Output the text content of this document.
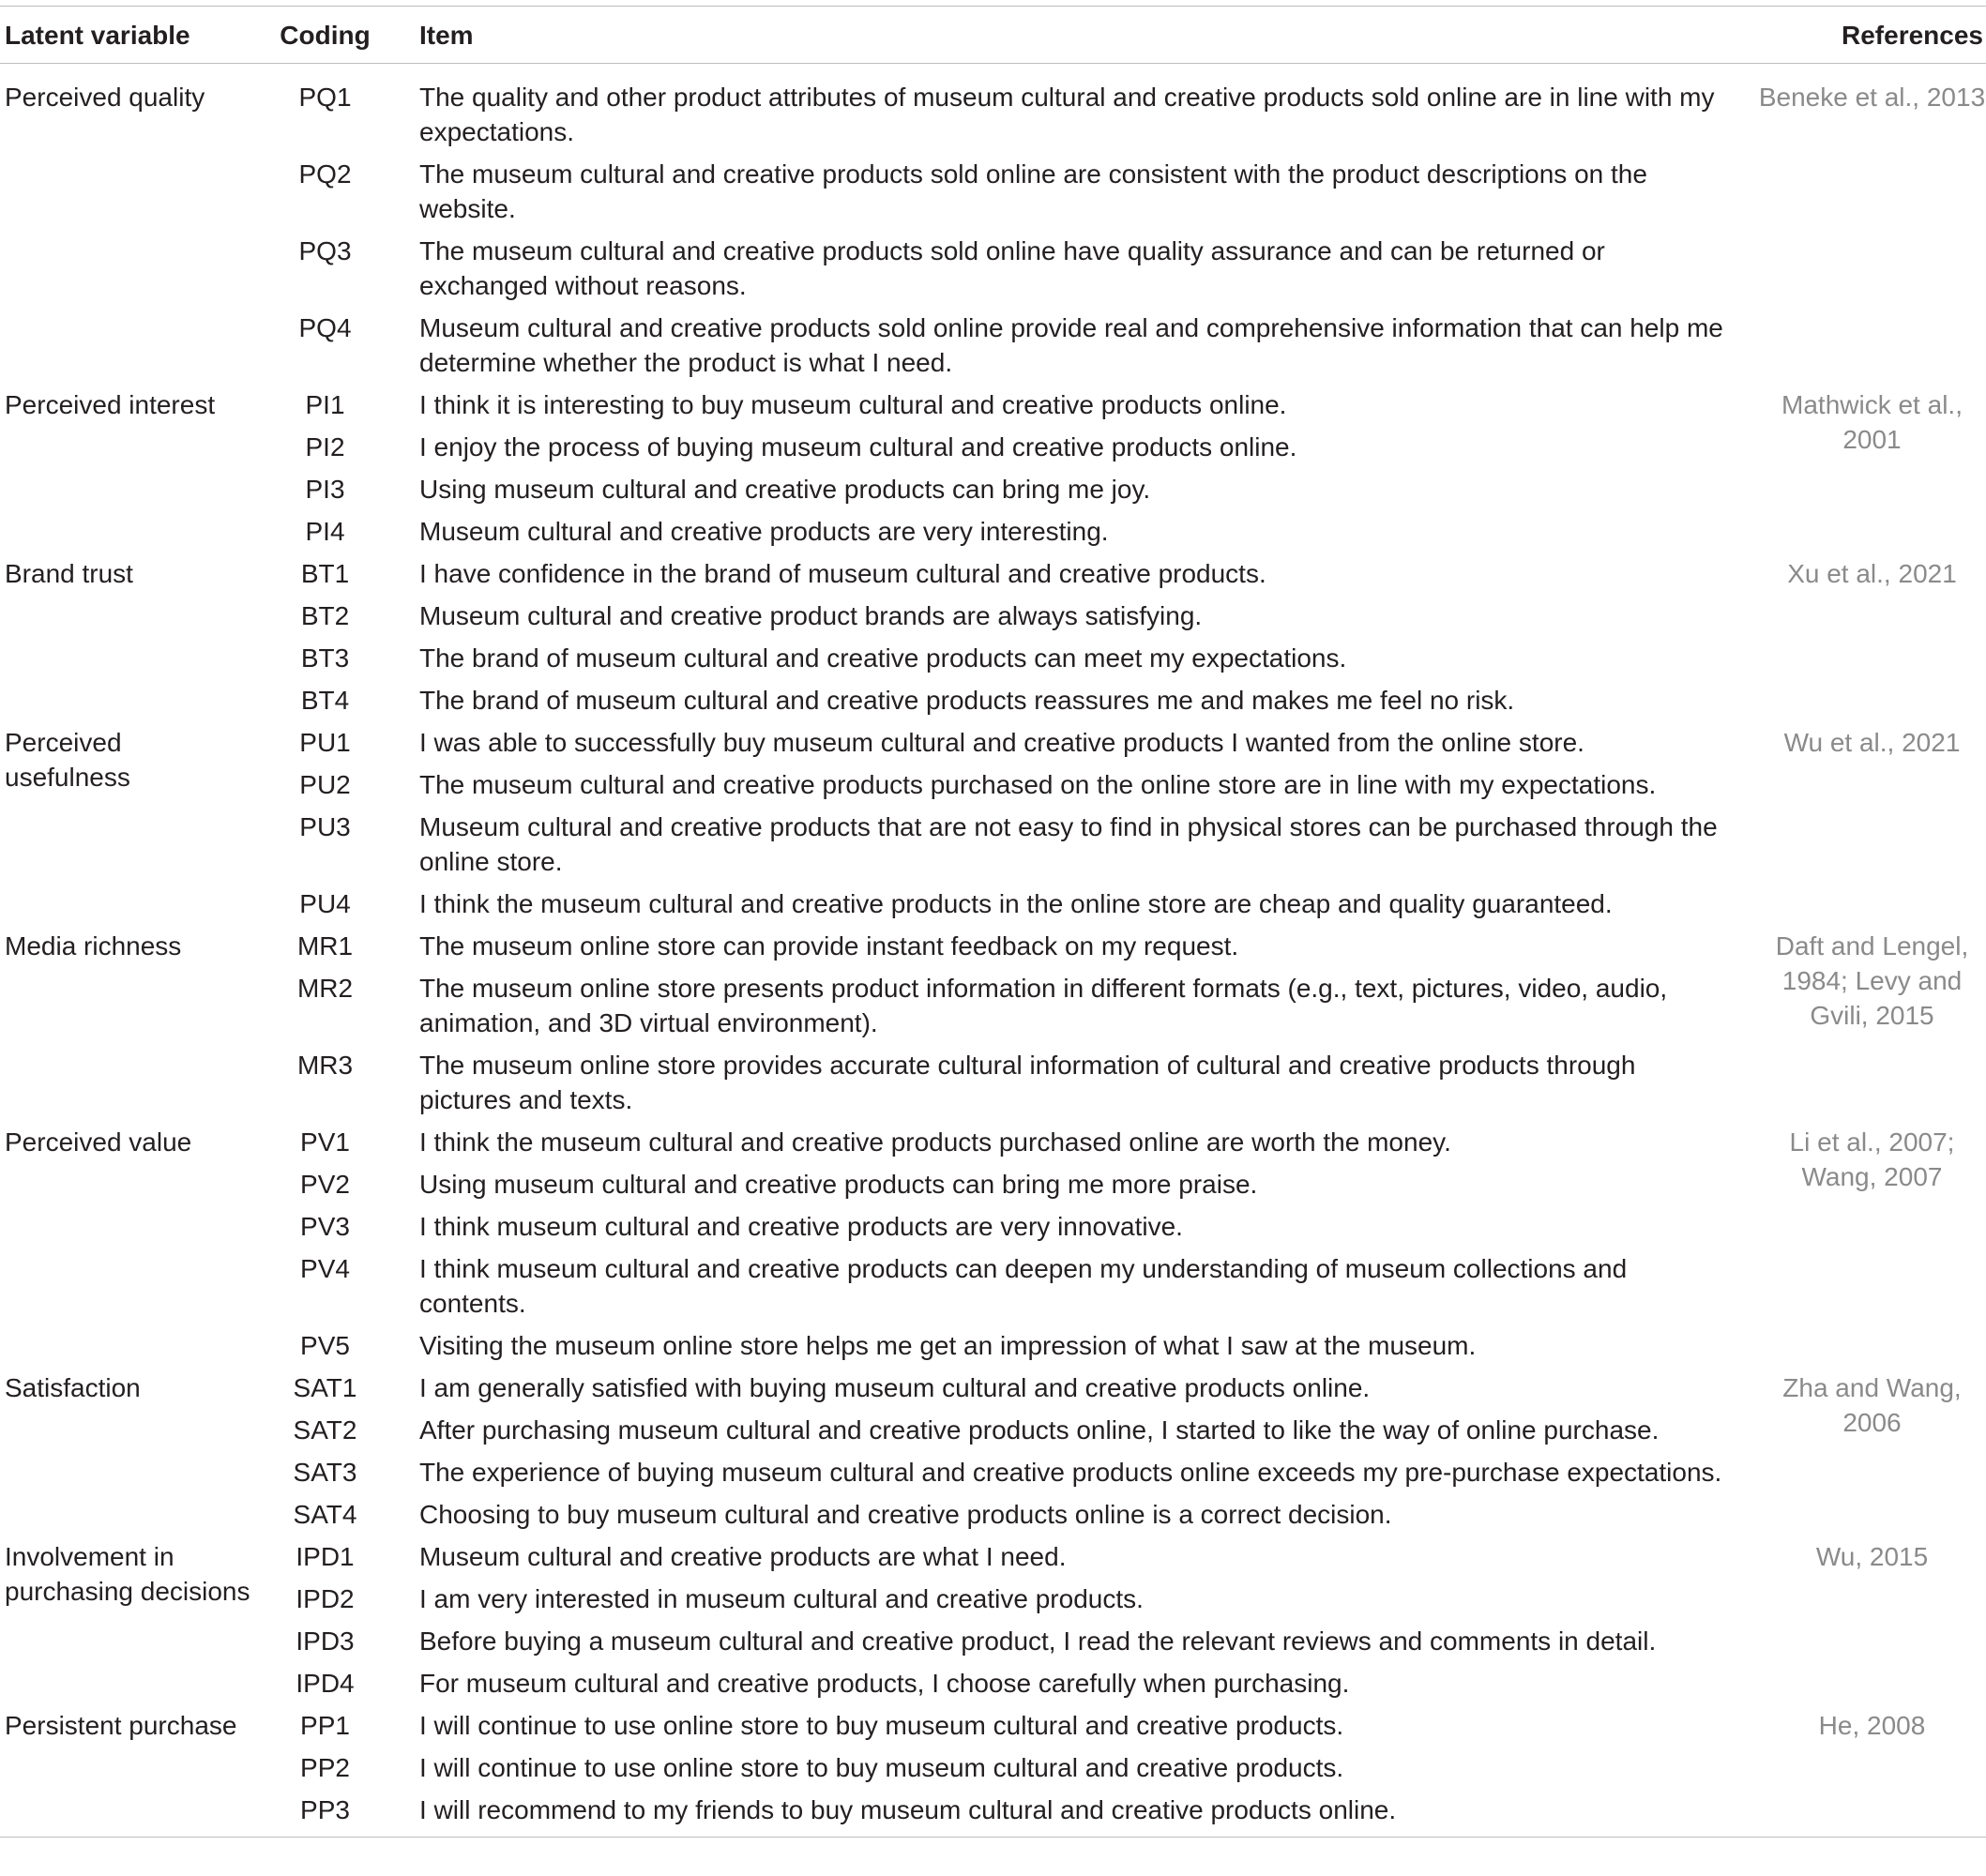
Latent variable	Coding	Item	References
Perceived quality	PQ1	The quality and other product attributes of museum cultural and creative products sold online are in line with my expectations.	Beneke et al., 2013
	PQ2	The museum cultural and creative products sold online are consistent with the product descriptions on the website.	
	PQ3	The museum cultural and creative products sold online have quality assurance and can be returned or exchanged without reasons.	
	PQ4	Museum cultural and creative products sold online provide real and comprehensive information that can help me determine whether the product is what I need.	
Perceived interest	PI1	I think it is interesting to buy museum cultural and creative products online.	Mathwick et al., 2001
	PI2	I enjoy the process of buying museum cultural and creative products online.	
	PI3	Using museum cultural and creative products can bring me joy.	
	PI4	Museum cultural and creative products are very interesting.	
Brand trust	BT1	I have confidence in the brand of museum cultural and creative products.	Xu et al., 2021
	BT2	Museum cultural and creative product brands are always satisfying.	
	BT3	The brand of museum cultural and creative products can meet my expectations.	
	BT4	The brand of museum cultural and creative products reassures me and makes me feel no risk.	
Perceived usefulness	PU1	I was able to successfully buy museum cultural and creative products I wanted from the online store.	Wu et al., 2021
	PU2	The museum cultural and creative products purchased on the online store are in line with my expectations.	
	PU3	Museum cultural and creative products that are not easy to find in physical stores can be purchased through the online store.	
	PU4	I think the museum cultural and creative products in the online store are cheap and quality guaranteed.	
Media richness	MR1	The museum online store can provide instant feedback on my request.	Daft and Lengel, 1984; Levy and Gvili, 2015
	MR2	The museum online store presents product information in different formats (e.g., text, pictures, video, audio, animation, and 3D virtual environment).	
	MR3	The museum online store provides accurate cultural information of cultural and creative products through pictures and texts.	
Perceived value	PV1	I think the museum cultural and creative products purchased online are worth the money.	Li et al., 2007; Wang, 2007
	PV2	Using museum cultural and creative products can bring me more praise.	
	PV3	I think museum cultural and creative products are very innovative.	
	PV4	I think museum cultural and creative products can deepen my understanding of museum collections and contents.	
	PV5	Visiting the museum online store helps me get an impression of what I saw at the museum.	
Satisfaction	SAT1	I am generally satisfied with buying museum cultural and creative products online.	Zha and Wang, 2006
	SAT2	After purchasing museum cultural and creative products online, I started to like the way of online purchase.	
	SAT3	The experience of buying museum cultural and creative products online exceeds my pre-purchase expectations.	
	SAT4	Choosing to buy museum cultural and creative products online is a correct decision.	
Involvement in purchasing decisions	IPD1	Museum cultural and creative products are what I need.	Wu, 2015
	IPD2	I am very interested in museum cultural and creative products.	
	IPD3	Before buying a museum cultural and creative product, I read the relevant reviews and comments in detail.	
	IPD4	For museum cultural and creative products, I choose carefully when purchasing.	
Persistent purchase	PP1	I will continue to use online store to buy museum cultural and creative products.	He, 2008
	PP2	I will continue to use online store to buy museum cultural and creative products.	
	PP3	I will recommend to my friends to buy museum cultural and creative products online.	
